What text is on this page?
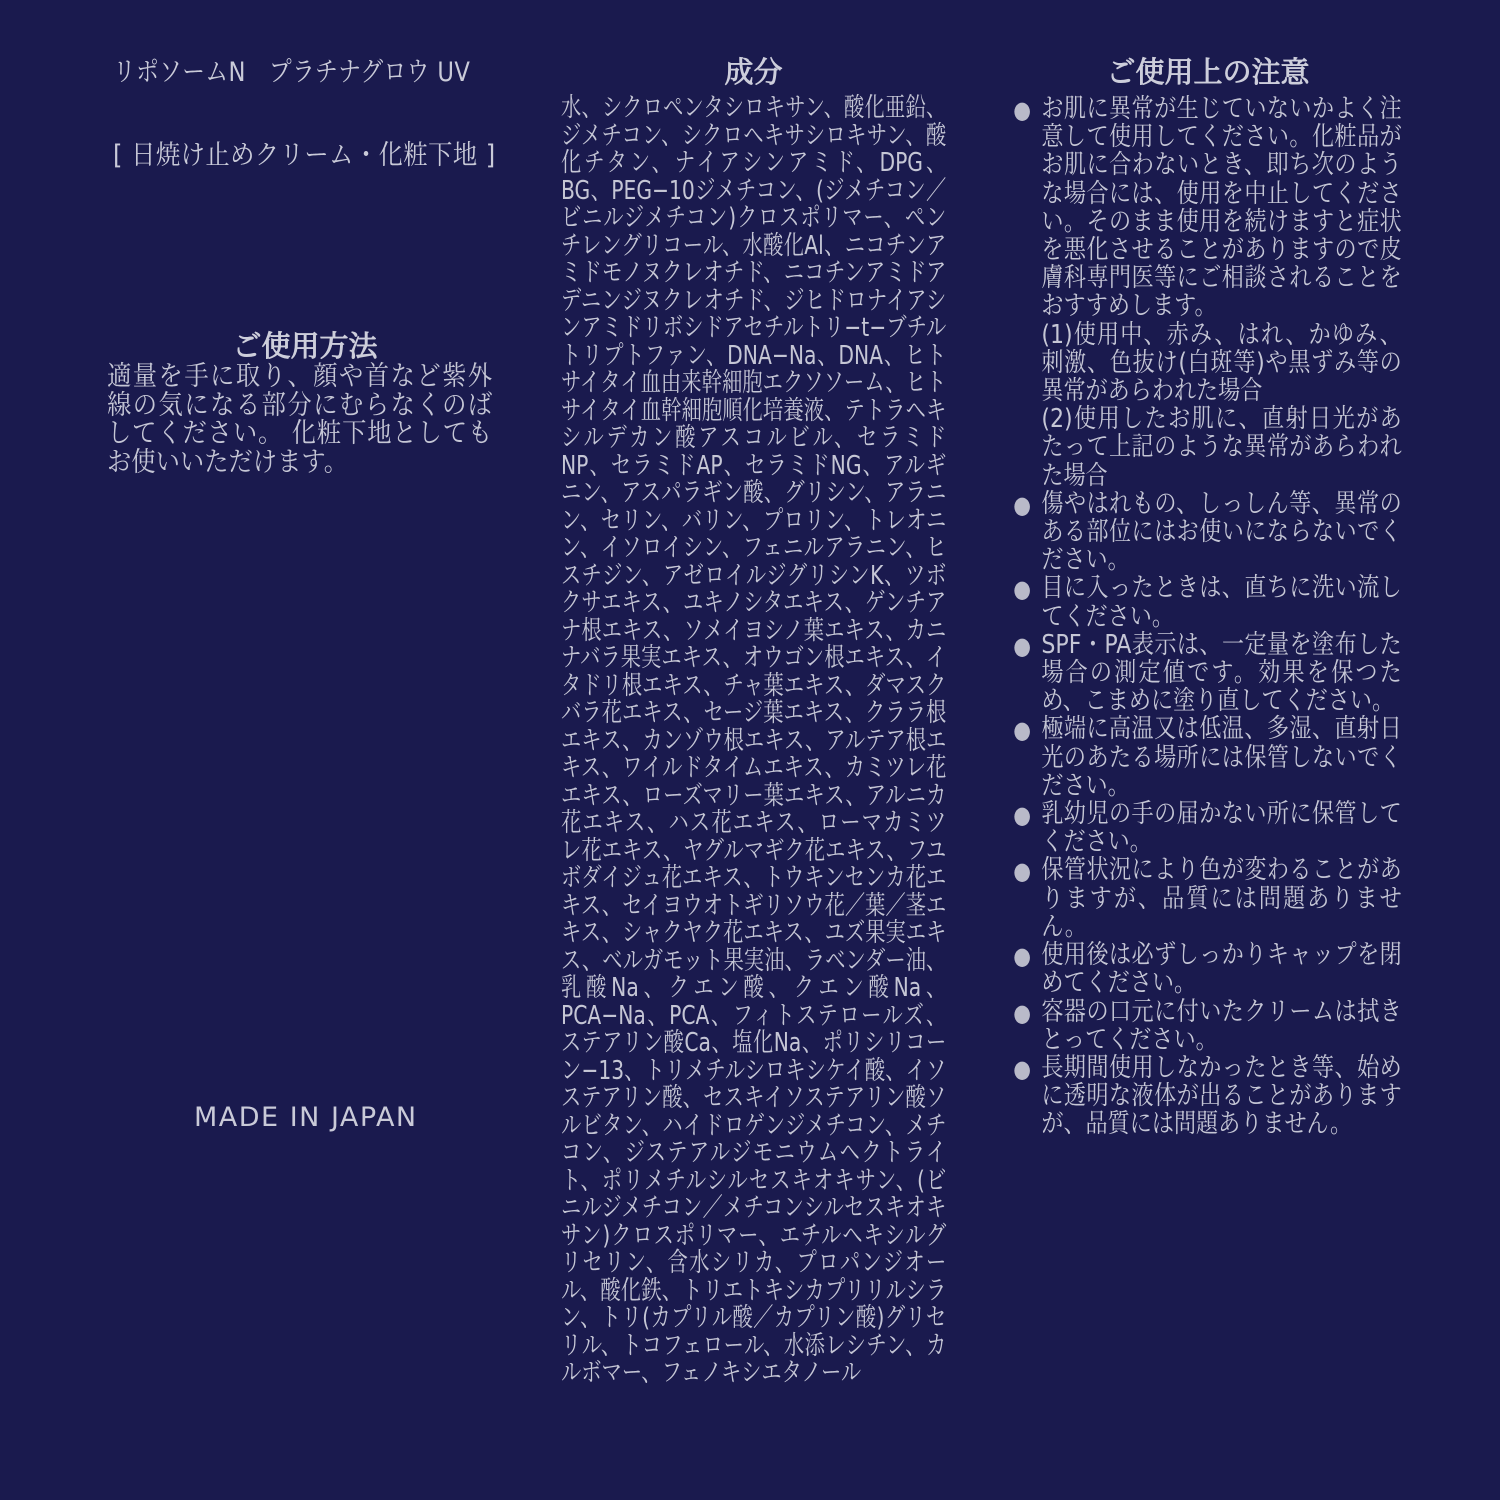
リポソームN　プラチナグロウ UV
[ 日焼け止めクリーム・化粧下地 ]
ご使用方法
適量を手に取り、顔や首など紫外線の気になる部分にむらなくのばしてください。 化粧下地としてもお使いいただけます。
MADE IN JAPAN
成分
水、シクロペンタシロキサン、酸化亜鉛、ジメチコン、シクロヘキサシロキサン、酸化チタン、ナイアシンアミド、DPG、BG、PEG−10ジメチコン、(ジメチコン／ビニルジメチコン)クロスポリマー、ペンチレングリコール、水酸化Al、ニコチンアミドモノヌクレオチド、ニコチンアミドアデニンジヌクレオチド、ジヒドロナイアシンアミドリボシドアセチルトリ−t−ブチルトリプトファン、DNA−Na、DNA、ヒトサイタイ血由来幹細胞エクソソーム、ヒトサイタイ血幹細胞順化培養液、テトラヘキシルデカン酸アスコルビル、セラミドNP、セラミドAP、セラミドNG、アルギニン、アスパラギン酸、グリシン、アラニン、セリン、バリン、プロリン、トレオニン、イソロイシン、フェニルアラニン、ヒスチジン、アゼロイルジグリシンK、ツボクサエキス、ユキノシタエキス、ゲンチアナ根エキス、ソメイヨシノ葉エキス、カニナバラ果実エキス、オウゴン根エキス、イタドリ根エキス、チャ葉エキス、ダマスクバラ花エキス、セージ葉エキス、クララ根エキス、カンゾウ根エキス、アルテア根エキス、ワイルドタイムエキス、カミツレ花エキス、ローズマリー葉エキス、アルニカ花エキス、ハス花エキス、ローマカミツレ花エキス、ヤグルマギク花エキス、フユボダイジュ花エキス、トウキンセンカ花エキス、セイヨウオトギリソウ花／葉／茎エキス、シャクヤク花エキス、ユズ果実エキス、ベルガモット果実油、ラベンダー油、乳酸Na、クエン酸、クエン酸Na、PCA−Na、PCA、フィトステロールズ、ステアリン酸Ca、塩化Na、ポリシリコーン−13、トリメチルシロキシケイ酸、イソステアリン酸、セスキイソステアリン酸ソルビタン、ハイドロゲンジメチコン、メチコン、ジステアルジモニウムヘクトライト、ポリメチルシルセスキオキサン、(ビニルジメチコン／メチコンシルセスキオキサン)クロスポリマー、エチルヘキシルグリセリン、含水シリカ、プロパンジオール、酸化鉄、トリエトキシカプリリルシラン、トリ(カプリル酸／カプリン酸)グリセリル、トコフェロール、水添レシチン、カルボマー、フェノキシエタノール
ご使用上の注意
● お肌に異常が生じていないかよく注意して使用してください。化粧品がお肌に合わないとき、即ち次のような場合には、使用を中止してください。そのまま使用を続けますと症状を悪化させることがありますので皮膚科専門医等にご相談されることをおすすめします。
(1)使用中、赤み、はれ、かゆみ、刺激、色抜け(白斑等)や黒ずみ等の異常があらわれた場合
(2)使用したお肌に、直射日光があたって上記のような異常があらわれた場合
● 傷やはれもの、しっしん等、異常のある部位にはお使いにならないでください。
● 目に入ったときは、直ちに洗い流してください。
● SPF・PA表示は、一定量を塗布した場合の測定値です。効果を保つため、こまめに塗り直してください。
● 極端に高温又は低温、多湿、直射日光のあたる場所には保管しないでください。
● 乳幼児の手の届かない所に保管してください。
● 保管状況により色が変わることがありますが、品質には問題ありません。
● 使用後は必ずしっかりキャップを閉めてください。
● 容器の口元に付いたクリームは拭きとってください。
● 長期間使用しなかったとき等、始めに透明な液体が出ることがありますが、品質には問題ありません。
